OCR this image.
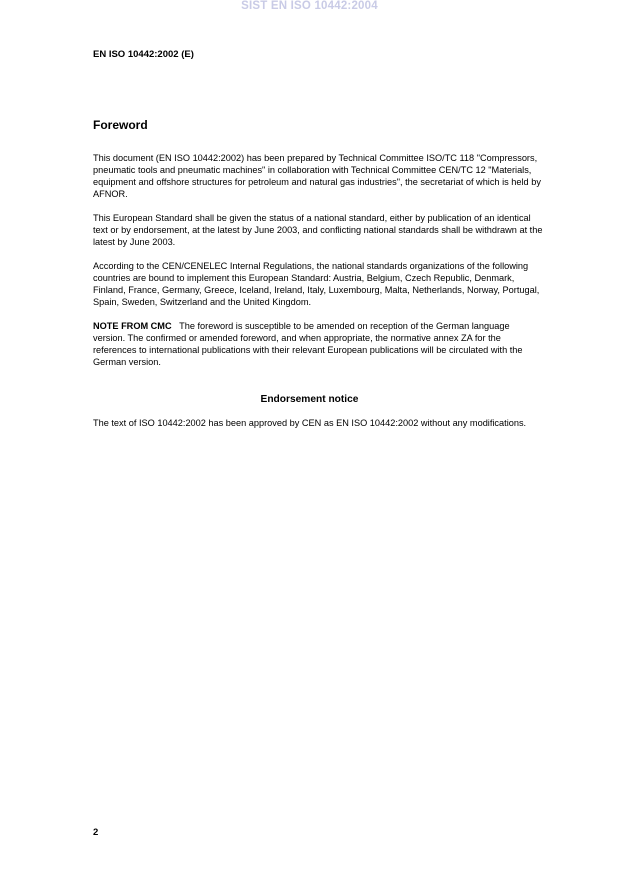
SIST EN ISO 10442:2004
EN ISO 10442:2002 (E)
Foreword
This document (EN ISO 10442:2002) has been prepared by Technical Committee ISO/TC 118 "Compressors, pneumatic tools and pneumatic machines" in collaboration with Technical Committee CEN/TC 12 "Materials, equipment and offshore structures for petroleum and natural gas industries", the secretariat of which is held by AFNOR.
This European Standard shall be given the status of a national standard, either by publication of an identical text or by endorsement, at the latest by June 2003, and conflicting national standards shall be withdrawn at the latest by June 2003.
According to the CEN/CENELEC Internal Regulations, the national standards organizations of the following countries are bound to implement this European Standard: Austria, Belgium, Czech Republic, Denmark, Finland, France, Germany, Greece, Iceland, Ireland, Italy, Luxembourg, Malta, Netherlands, Norway, Portugal, Spain, Sweden, Switzerland and the United Kingdom.
NOTE FROM CMC The foreword is susceptible to be amended on reception of the German language version. The confirmed or amended foreword, and when appropriate, the normative annex ZA for the references to international publications with their relevant European publications will be circulated with the German version.
Endorsement notice
The text of ISO 10442:2002 has been approved by CEN as EN ISO 10442:2002 without any modifications.
2
